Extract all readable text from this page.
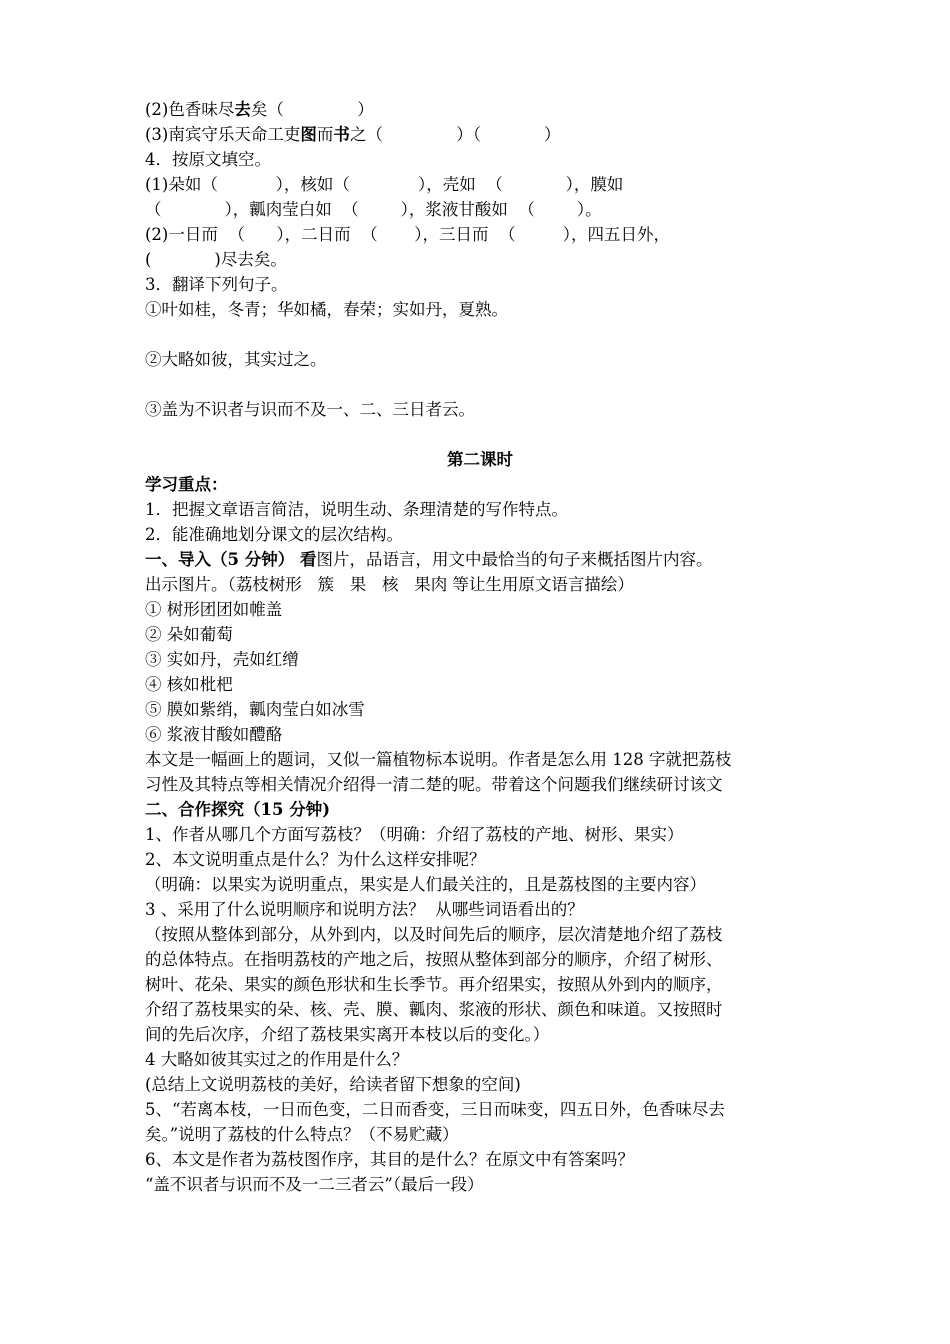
(2)色香味尽去矣（              ）
(3)南宾守乐天命工吏图而书之（              ）（            ）
4．按原文填空。
(1)朵如（           ），核如（             ），壳如  （            ），膜如
（            ），瓤肉莹白如  （        ），浆液甘酸如  （        ）。
(2)一日而  （      ），二日而  （       ），三日而  （         ），四五日外，
(            )尽去矣。
3．翻译下列句子。
①叶如桂，冬青；华如橘，春荣；实如丹，夏熟。
②大略如彼，其实过之。
③盖为不识者与识而不及一、二、三日者云。
第二课时
学习重点：
1．把握文章语言简洁，说明生动、条理清楚的写作特点。
2．能准确地划分课文的层次结构。
一、导入（5 分钟） 看图片，品语言，用文中最恰当的句子来概括图片内容。
出示图片。（荔枝树形   簇   果   核   果肉 等让生用原文语言描绘）
① 树形团团如帷盖
② 朵如葡萄
③ 实如丹，壳如红缯
④ 核如枇杷
⑤ 膜如紫绡，瓤肉莹白如冰雪
⑥ 浆液甘酸如醴酪
本文是一幅画上的题词，又似一篇植物标本说明。作者是怎么用 128 字就把荔枝
习性及其特点等相关情况介绍得一清二楚的呢。带着这个问题我们继续研讨该文
二、合作探究（15 分钟)
1、作者从哪几个方面写荔枝？（明确：介绍了荔枝的产地、树形、果实）
2、本文说明重点是什么？为什么这样安排呢？
（明确：以果实为说明重点，果实是人们最关注的，且是荔枝图的主要内容）
3 、采用了什么说明顺序和说明方法？  从哪些词语看出的？
（按照从整体到部分，从外到内，以及时间先后的顺序，层次清楚地介绍了荔枝
的总体特点。在指明荔枝的产地之后，按照从整体到部分的顺序，介绍了树形、
树叶、花朵、果实的颜色形状和生长季节。再介绍果实，按照从外到内的顺序，
介绍了荔枝果实的朵、核、壳、膜、瓤肉、浆液的形状、颜色和味道。又按照时
间的先后次序，介绍了荔枝果实离开本枝以后的变化。）
4 大略如彼其实过之的作用是什么？
(总结上文说明荔枝的美好，给读者留下想象的空间)
5、“若离本枝，一日而色变，二日而香变，三日而味变，四五日外，色香味尽去
矣。”说明了荔枝的什么特点？（不易贮藏）
6、本文是作者为荔枝图作序，其目的是什么？在原文中有答案吗？
“盖不识者与识而不及一二三者云”（最后一段）
